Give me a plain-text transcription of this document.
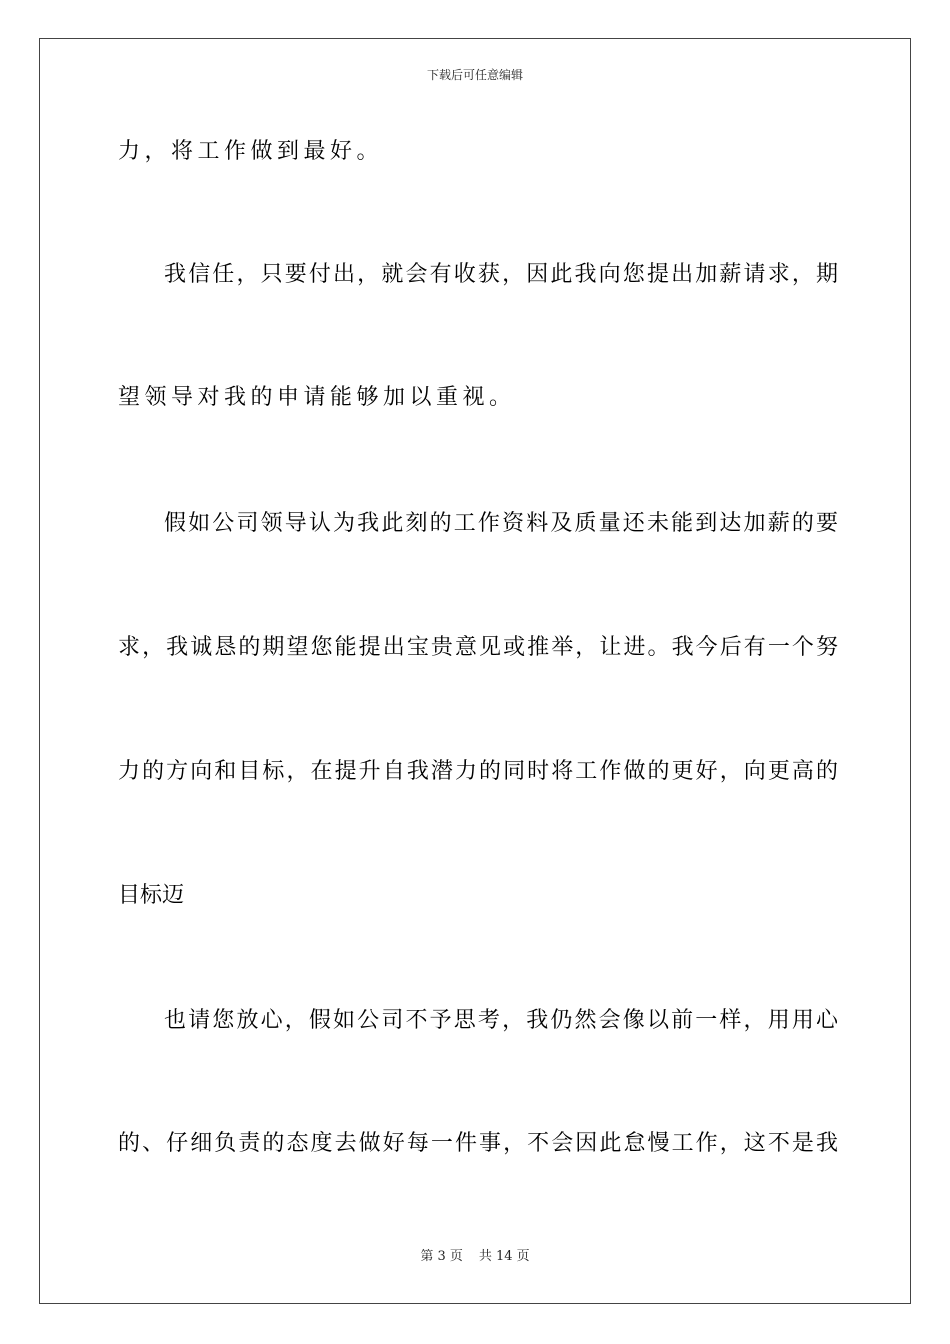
下载后可任意编辑
力，将工作做到最好。
我信任，只要付出，就会有收获，因此我向您提出加薪请求，期
望领导对我的申请能够加以重视。
假如公司领导认为我此刻的工作资料及质量还未能到达加薪的要
求，我诚恳的期望您能提出宝贵意见或推举，让进。我今后有一个努
力的方向和目标，在提升自我潜力的同时将工作做的更好，向更高的
目标迈
也请您放心，假如公司不予思考，我仍然会像以前一样，用用心
的、仔细负责的态度去做好每一件事，不会因此怠慢工作，这不是我
第 3 页 共 14 页
